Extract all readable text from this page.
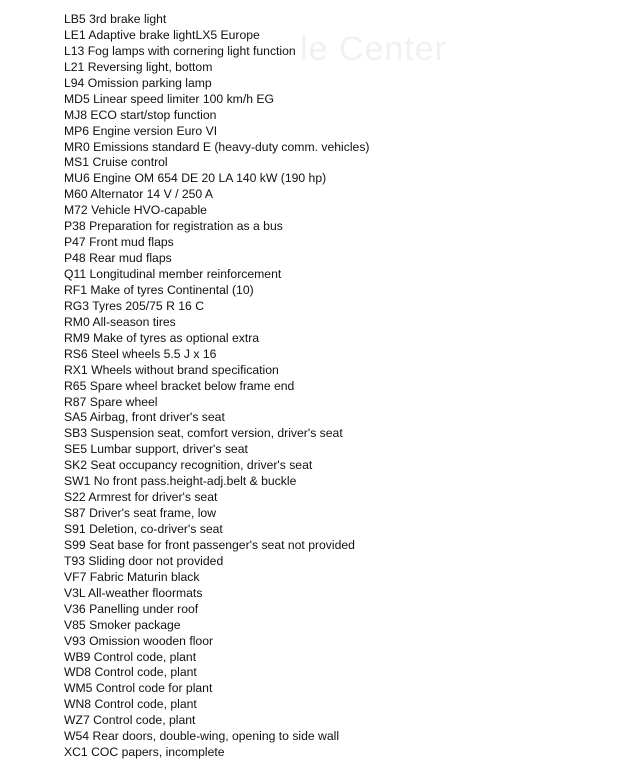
le Center
LB5 3rd brake light
LE1 Adaptive brake lightLX5 Europe
L13 Fog lamps with cornering light function
L21 Reversing light, bottom
L94 Omission parking lamp
MD5 Linear speed limiter 100 km/h EG
MJ8 ECO start/stop function
MP6 Engine version Euro VI
MR0 Emissions standard E (heavy-duty comm. vehicles)
MS1 Cruise control
MU6 Engine OM 654 DE 20 LA 140 kW (190 hp)
M60 Alternator 14 V / 250 A
M72 Vehicle HVO-capable
P38 Preparation for registration as a bus
P47 Front mud flaps
P48 Rear mud flaps
Q11 Longitudinal member reinforcement
RF1 Make of tyres Continental (10)
RG3 Tyres 205/75 R 16 C
RM0 All-season tires
RM9 Make of tyres as optional extra
RS6 Steel wheels 5.5 J x 16
RX1 Wheels without brand specification
R65 Spare wheel bracket below frame end
R87 Spare wheel
SA5 Airbag, front driver's seat
SB3 Suspension seat, comfort version, driver's seat
SE5 Lumbar support, driver's seat
SK2 Seat occupancy recognition, driver's seat
SW1 No front pass.height-adj.belt & buckle
S22 Armrest for driver's seat
S87 Driver's seat frame, low
S91 Deletion, co-driver's seat
S99 Seat base for front passenger's seat not provided
T93 Sliding door not provided
VF7 Fabric Maturin black
V3L All-weather floormats
V36 Panelling under roof
V85 Smoker package
V93 Omission wooden floor
WB9 Control code, plant
WD8 Control code, plant
WM5 Control code for plant
WN8 Control code, plant
WZ7 Control code, plant
W54 Rear doors, double-wing, opening to side wall
XC1 COC papers, incomplete
